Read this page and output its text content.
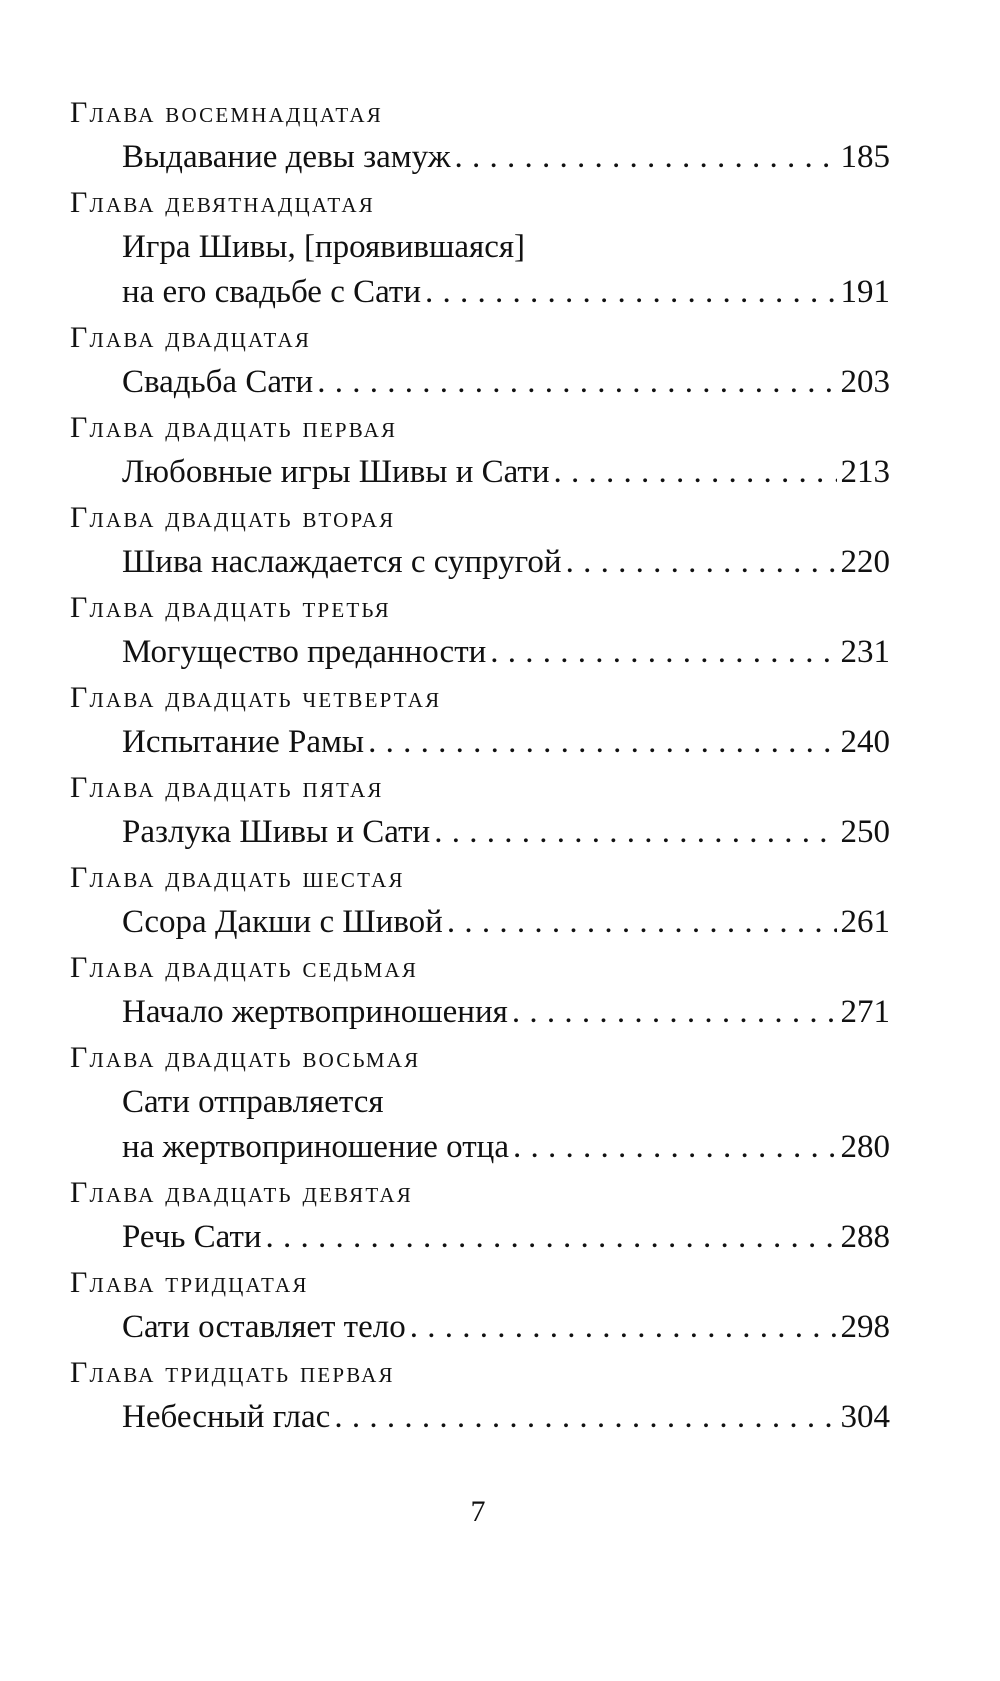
Глава восемнадцатая
Выдавание девы замуж . . .	185
Глава девятнадцатая
Игра Шивы, [проявившаяся]
на его свадьбе с Сати . . .	191
Глава двадцатая
Свадьба Сати . . .	203
Глава двадцать первая
Любовные игры Шивы и Сати . . .	213
Глава двадцать вторая
Шива наслаждается с супругой . . .	220
Глава двадцать третья
Могущество преданности . . .	231
Глава двадцать четвертая
Испытание Рамы . . .	240
Глава двадцать пятая
Разлука Шивы и Сати . . .	250
Глава двадцать шестая
Ссора Дакши с Шивой . . .	261
Глава двадцать седьмая
Начало жертвоприношения . . .	271
Глава двадцать восьмая
Сати отправляется
на жертвоприношение отца . . .	280
Глава двадцать девятая
Речь Сати . . .	288
Глава тридцатая
Сати оставляет тело . . .	298
Глава тридцать первая
Небесный глас . . .	304
7
